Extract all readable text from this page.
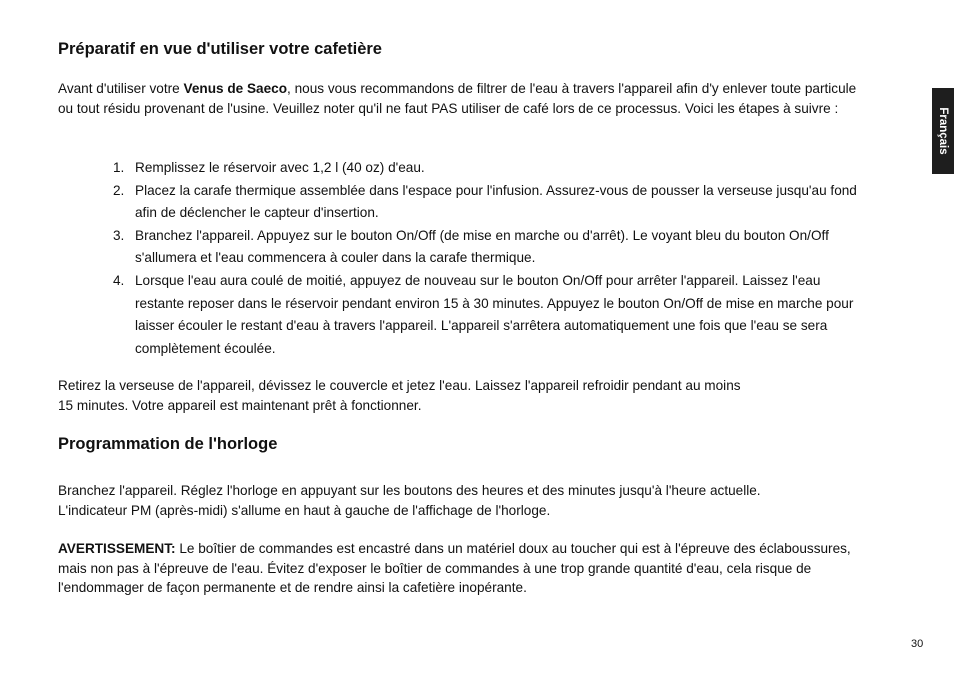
Préparatif en vue d'utiliser votre cafetière

Avant d'utiliser votre Venus de Saeco, nous vous recommandons de filtrer de l'eau à travers l'appareil afin d'y enlever toute particule ou tout résidu provenant de l'usine. Veuillez noter qu'il ne faut PAS utiliser de café lors de ce processus. Voici les étapes à suivre :

1. Remplissez le réservoir avec 1,2 l (40 oz) d'eau.
2. Placez la carafe thermique assemblée dans l'espace pour l'infusion. Assurez-vous de pousser la verseuse jusqu'au fond afin de déclencher le capteur d'insertion.
3. Branchez l'appareil. Appuyez sur le bouton On/Off (de mise en marche ou d'arrêt). Le voyant bleu du bouton On/Off s'allumera et l'eau commencera à couler dans la carafe thermique.
4. Lorsque l'eau aura coulé de moitié, appuyez de nouveau sur le bouton On/Off pour arrêter l'appareil. Laissez l'eau restante reposer dans le réservoir pendant environ 15 à 30 minutes. Appuyez le bouton On/Off de mise en marche pour laisser écouler le restant d'eau à travers l'appareil. L'appareil s'arrêtera automatiquement une fois que l'eau se sera complètement écoulée.

Retirez la verseuse de l'appareil, dévissez le couvercle et jetez l'eau. Laissez l'appareil refroidir pendant au moins
15 minutes. Votre appareil est maintenant prêt à fonctionner.

Programmation de l'horloge

Branchez l'appareil. Réglez l'horloge en appuyant sur les boutons des heures et des minutes jusqu'à l'heure actuelle.
L'indicateur PM (après-midi) s'allume en haut à gauche de l'affichage de l'horloge.

AVERTISSEMENT: Le boîtier de commandes est encastré dans un matériel doux au toucher qui est à l'épreuve des éclaboussures, mais non pas à l'épreuve de l'eau. Évitez d'exposer le boîtier de commandes à une trop grande quantité d'eau, cela risque de l'endommager de façon permanente et de rendre ainsi la cafetière inopérante.

Français
30
